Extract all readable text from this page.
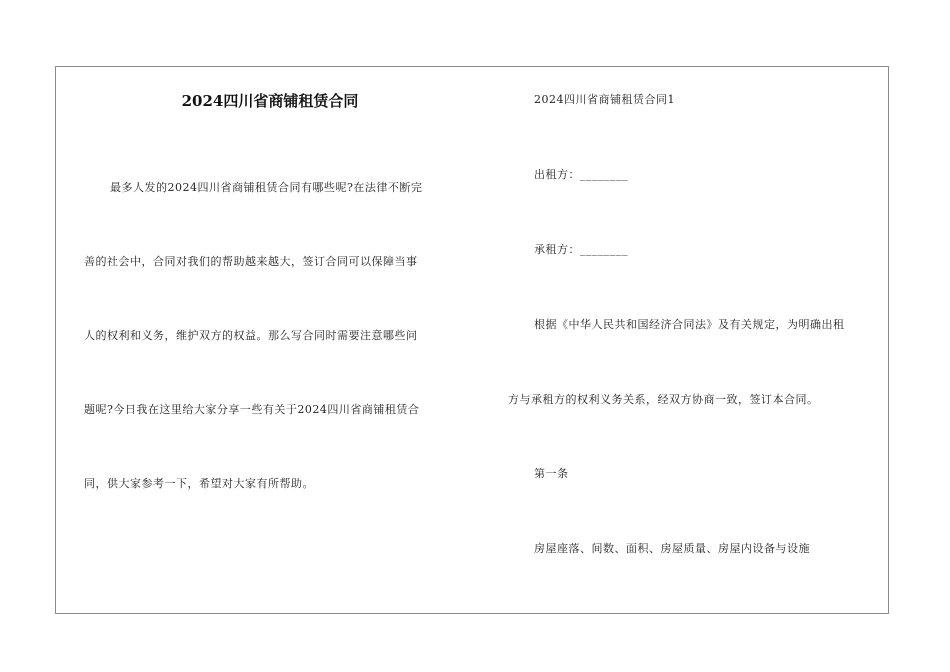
2024四川省商铺租赁合同

最多人发的2024四川省商铺租赁合同有哪些呢?在法律不断完
善的社会中，合同对我们的帮助越来越大，签订合同可以保障当事
人的权利和义务，维护双方的权益。那么写合同时需要注意哪些问
题呢?今日我在这里给大家分享一些有关于2024四川省商铺租赁合
同，供大家参考一下，希望对大家有所帮助。

2024四川省商铺租赁合同1
出租方：________
承租方：________
根据《中华人民共和国经济合同法》及有关规定，为明确出租
方与承租方的权利义务关系，经双方协商一致，签订本合同。
第一条
房屋座落、间数、面积、房屋质量、房屋内设备与设施
